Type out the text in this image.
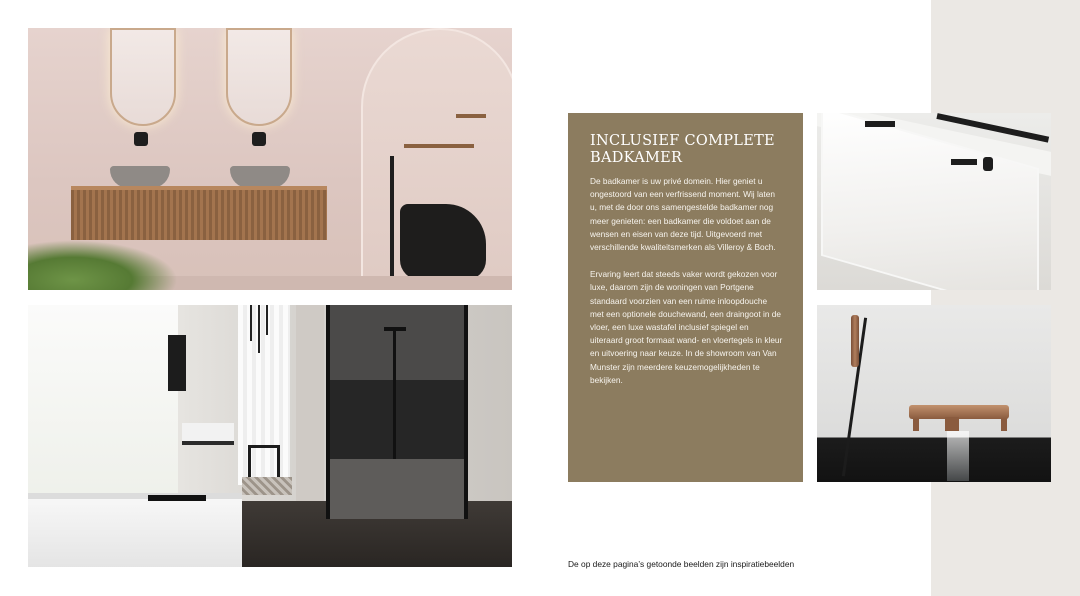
INCLUSIEF COMPLETE
BADKAMER

De badkamer is uw privé domein. Hier geniet u ongestoord van een verfrissend moment. Wij laten u, met de door ons samengestelde badkamer nog meer genieten: een badkamer die voldoet aan de wensen en eisen van deze tijd. Uitgevoerd met verschillende kwaliteitsmerken als Villeroy & Boch.

Ervaring leert dat steeds vaker wordt gekozen voor luxe, daarom zijn de woningen van Portgene standaard voorzien van een ruime inloopdouche met een optionele douchewand, een draingoot in de vloer, een luxe wastafel inclusief spiegel en uiteraard groot formaat wand- en vloertegels in kleur en uitvoering naar keuze. In de showroom van Van Munster zijn meerdere keuzemogelijkheden te bekijken.

De op deze pagina’s getoonde beelden zijn inspiratiebeelden
